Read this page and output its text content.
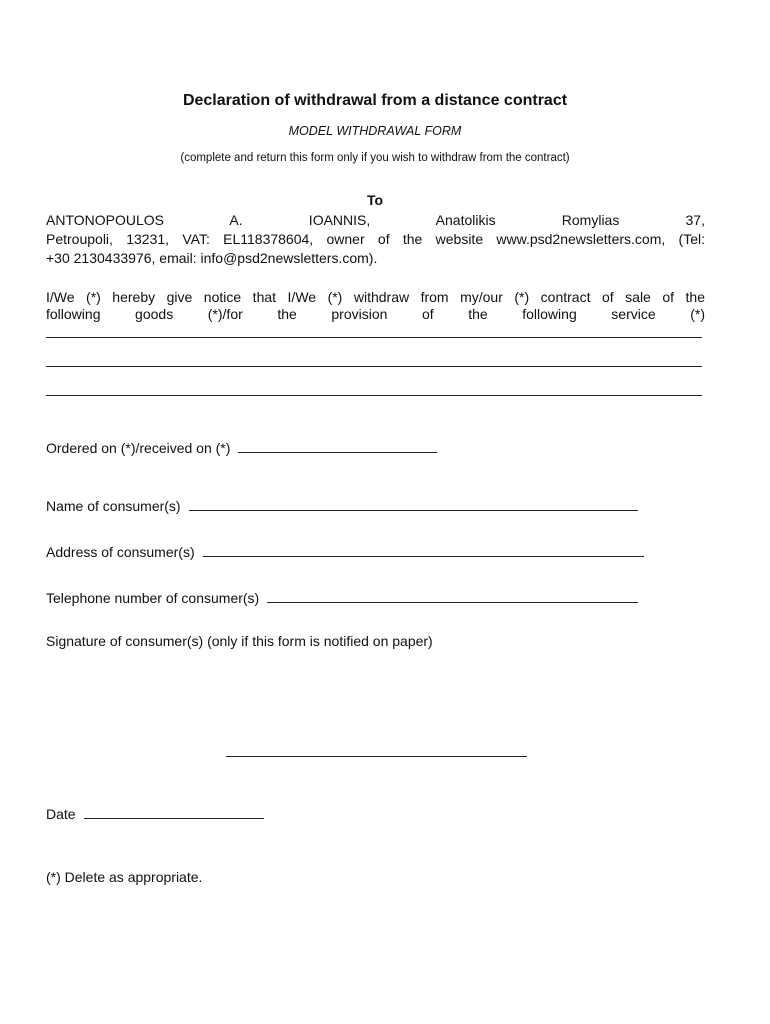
Declaration of withdrawal from a distance contract
MODEL WITHDRAWAL FORM
(complete and return this form only if you wish to withdraw from the contract)
To
ANTONOPOULOS A. IOANNIS, Anatolikis Romylias 37,
Petroupoli, 13231, VAT: EL118378604, owner of the website www.psd2newsletters.com, (Tel:
+30 2130433976, email: info@psd2newsletters.com).
I/We (*) hereby give notice that I/We (*) withdraw from my/our (*) contract of sale of the
following goods (*)/for the provision of the following service (*)
Ordered on (*)/received on (*)
Name of consumer(s)
Address of consumer(s)
Telephone number of consumer(s)
Signature of consumer(s) (only if this form is notified on paper)
Date
(*) Delete as appropriate.
